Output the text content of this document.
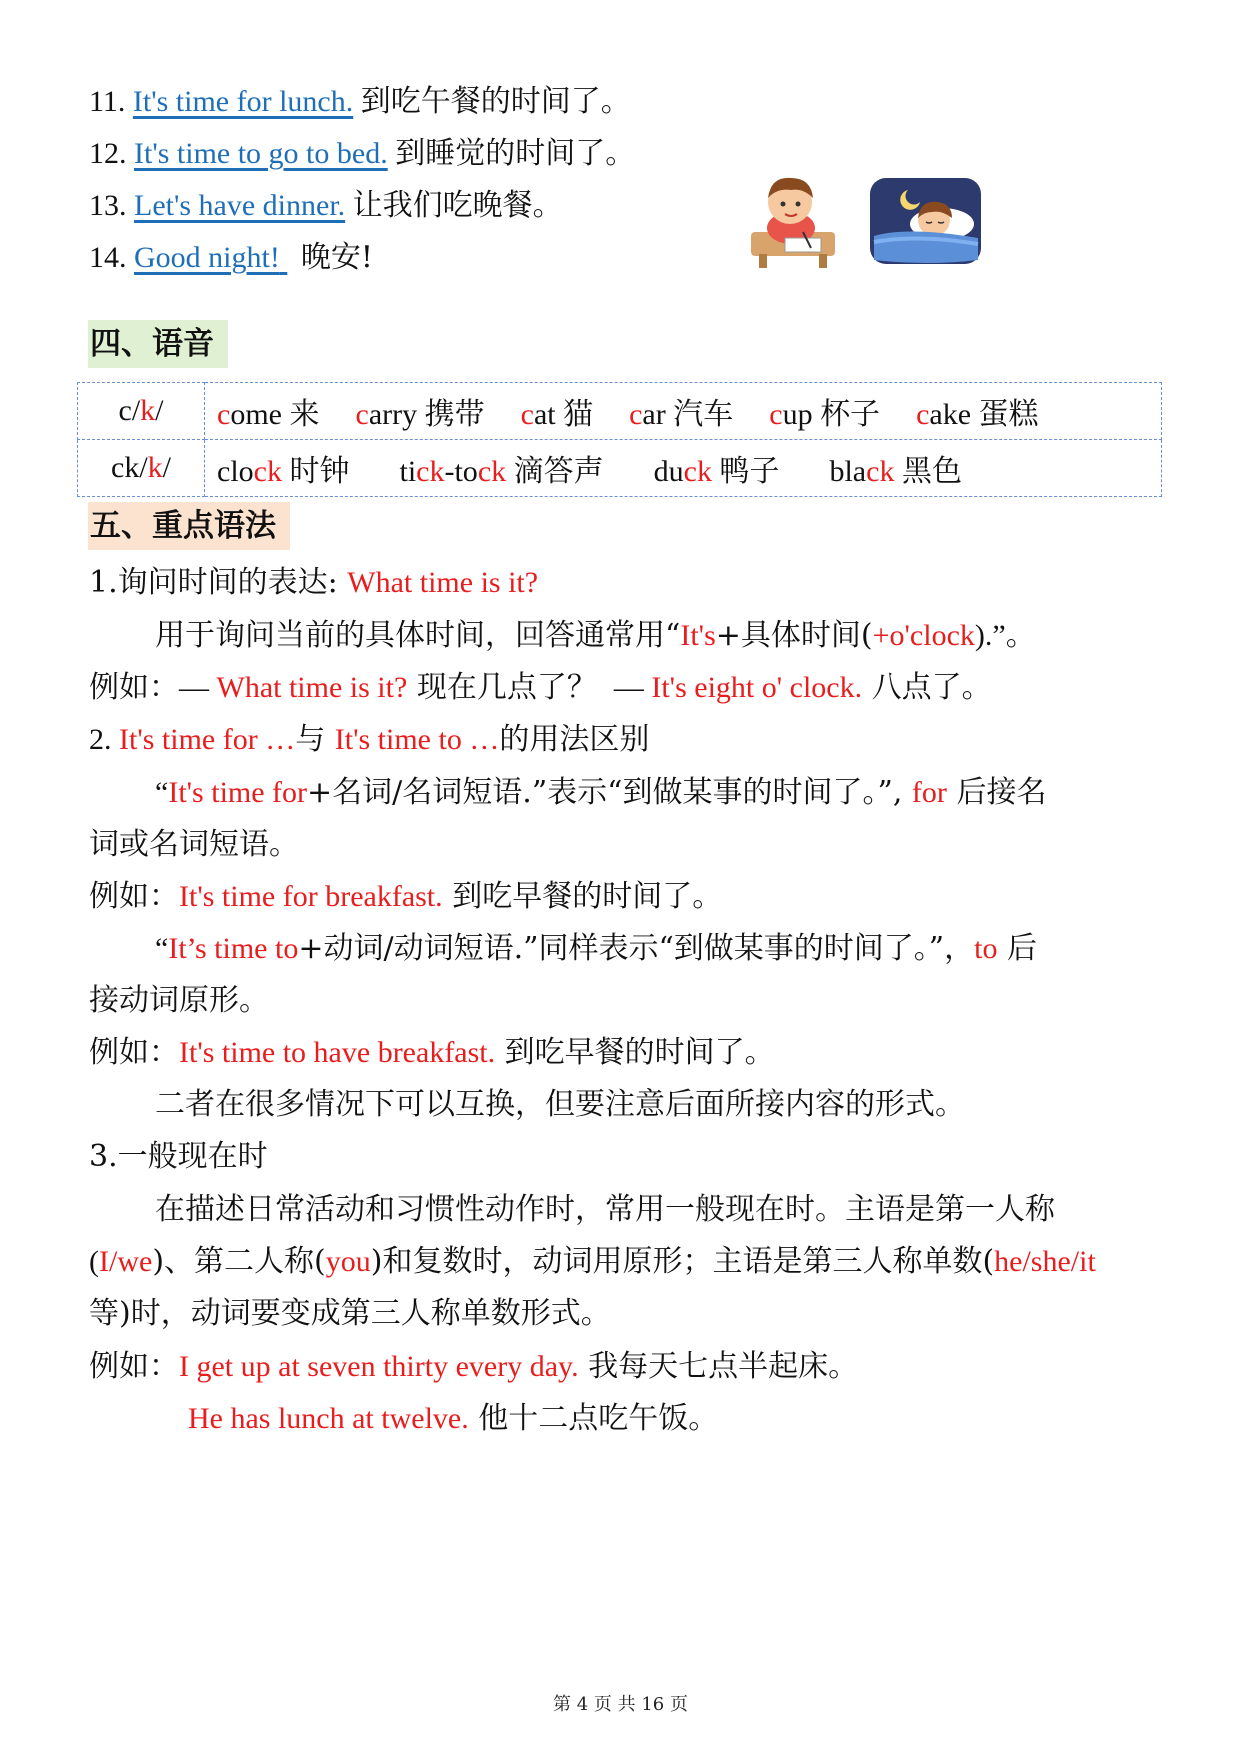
11. It's time for lunch. 到吃午餐的时间了。
12. It's time to go to bed. 到睡觉的时间了。
13. Let's have dinner. 让我们吃晚餐。
14. Good night! 晚安!
四、语音
c/k/	come 来 carry 携带 cat 猫 car 汽车 cup 杯子 cake 蛋糕
ck/k/	clock 时钟 tick-tock 滴答声 duck 鸭子 black 黑色
五、重点语法
1.询问时间的表达: What time is it?
用于询问当前的具体时间，回答通常用“It's+具体时间(+o'clock).”。
例如：— What time is it? 现在几点了？  — It's eight o' clock. 八点了。
2. It's time for …与 It's time to …的用法区别
“It's time for+名词/名词短语.”表示“到做某事的时间了。”, for 后接名
词或名词短语。
例如：It's time for breakfast. 到吃早餐的时间了。
“It’s time to+动词/动词短语.”同样表示“到做某事的时间了。”，to 后
接动词原形。
例如：It's time to have breakfast. 到吃早餐的时间了。
二者在很多情况下可以互换，但要注意后面所接内容的形式。
3.一般现在时
在描述日常活动和习惯性动作时，常用一般现在时。主语是第一人称
(I/we)、第二人称(you)和复数时，动词用原形；主语是第三人称单数(he/she/it
等)时，动词要变成第三人称单数形式。
例如：I get up at seven thirty every day. 我每天七点半起床。
He has lunch at twelve. 他十二点吃午饭。
第 4 页 共 16 页
